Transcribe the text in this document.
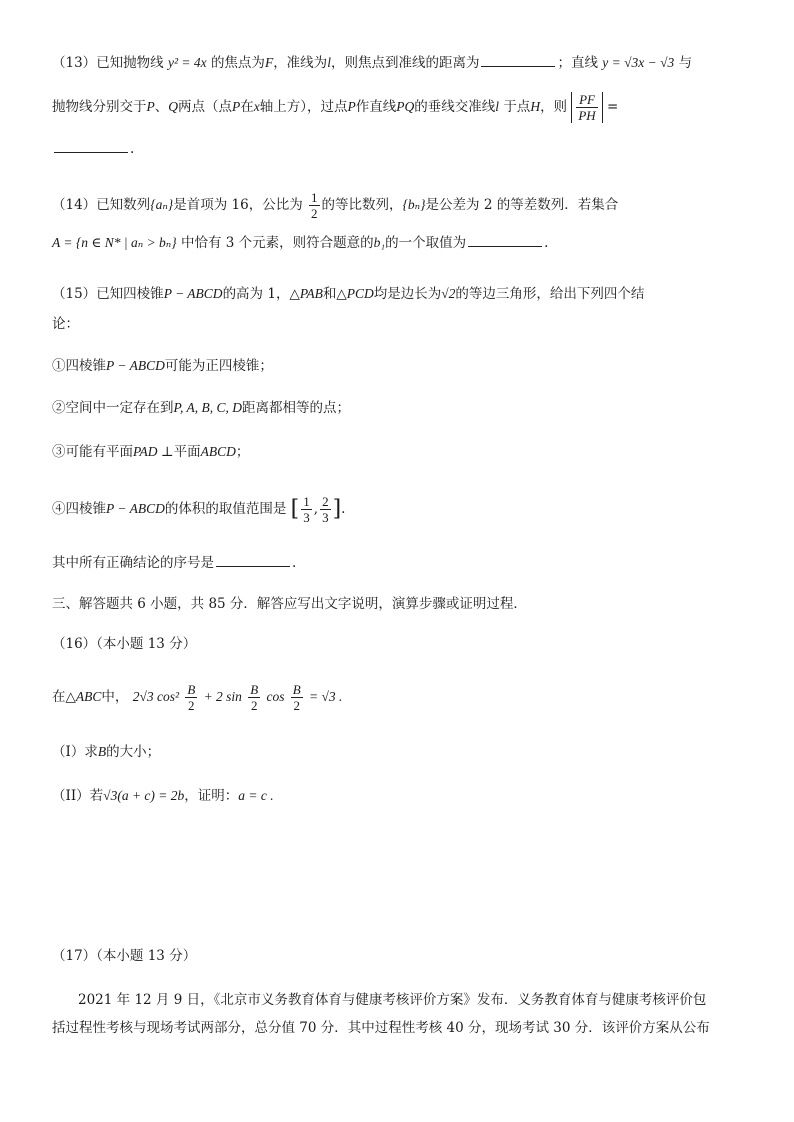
（13）已知抛物线 y² = 4x 的焦点为F，准线为l，则焦点到准线的距离为	；直线 y = √3x − √3 与
抛物线分别交于P、Q两点（点P在x轴上方），过点P作直线PQ的垂线交准线l 于点H，则 $\frac{PF}{PH}$ =
.
（14）已知数列{aₙ}是首项为 16，公比为 $\frac{1}{2}$ 的等比数列，{bₙ}是公差为 2 的等差数列．若集合
A = {n ∈ N* | aₙ > bₙ} 中恰有 3 个元素，则符合题意的b₁的一个取值为	.
（15）已知四棱锥P − ABCD的高为 1，△PAB和△PCD均是边长为√2的等边三角形，给出下列四个结
论：
①四棱锥P − ABCD可能为正四棱锥；
②空间中一定存在到P, A, B, C, D距离都相等的点；
③可能有平面PAD ⊥平面ABCD；
④四棱锥P − ABCD的体积的取值范围是 [ $\frac{1}{3}$ , $\frac{2}{3}$ ].
其中所有正确结论的序号是	.
三、解答题共 6 小题，共 85 分．解答应写出文字说明，演算步骤或证明过程．
（16）（本小题 13 分）
在△ABC中， 2√3 $\cos^2 \frac{B}{2} + 2$ $\sin \frac{B}{2}$ $\cos \frac{B}{2} = √3$ .
（I）求B的大小；
（II）若√3(a + c) = 2b，证明：a = c .
（17）（本小题 13 分）
2021 年 12 月 9 日，《北京市义务教育体育与健康考核评价方案》发布．义务教育体育与健康考核评价包
括过程性考核与现场考试两部分，总分值 70 分．其中过程性考核 40 分，现场考试 30 分．该评价方案从公布
